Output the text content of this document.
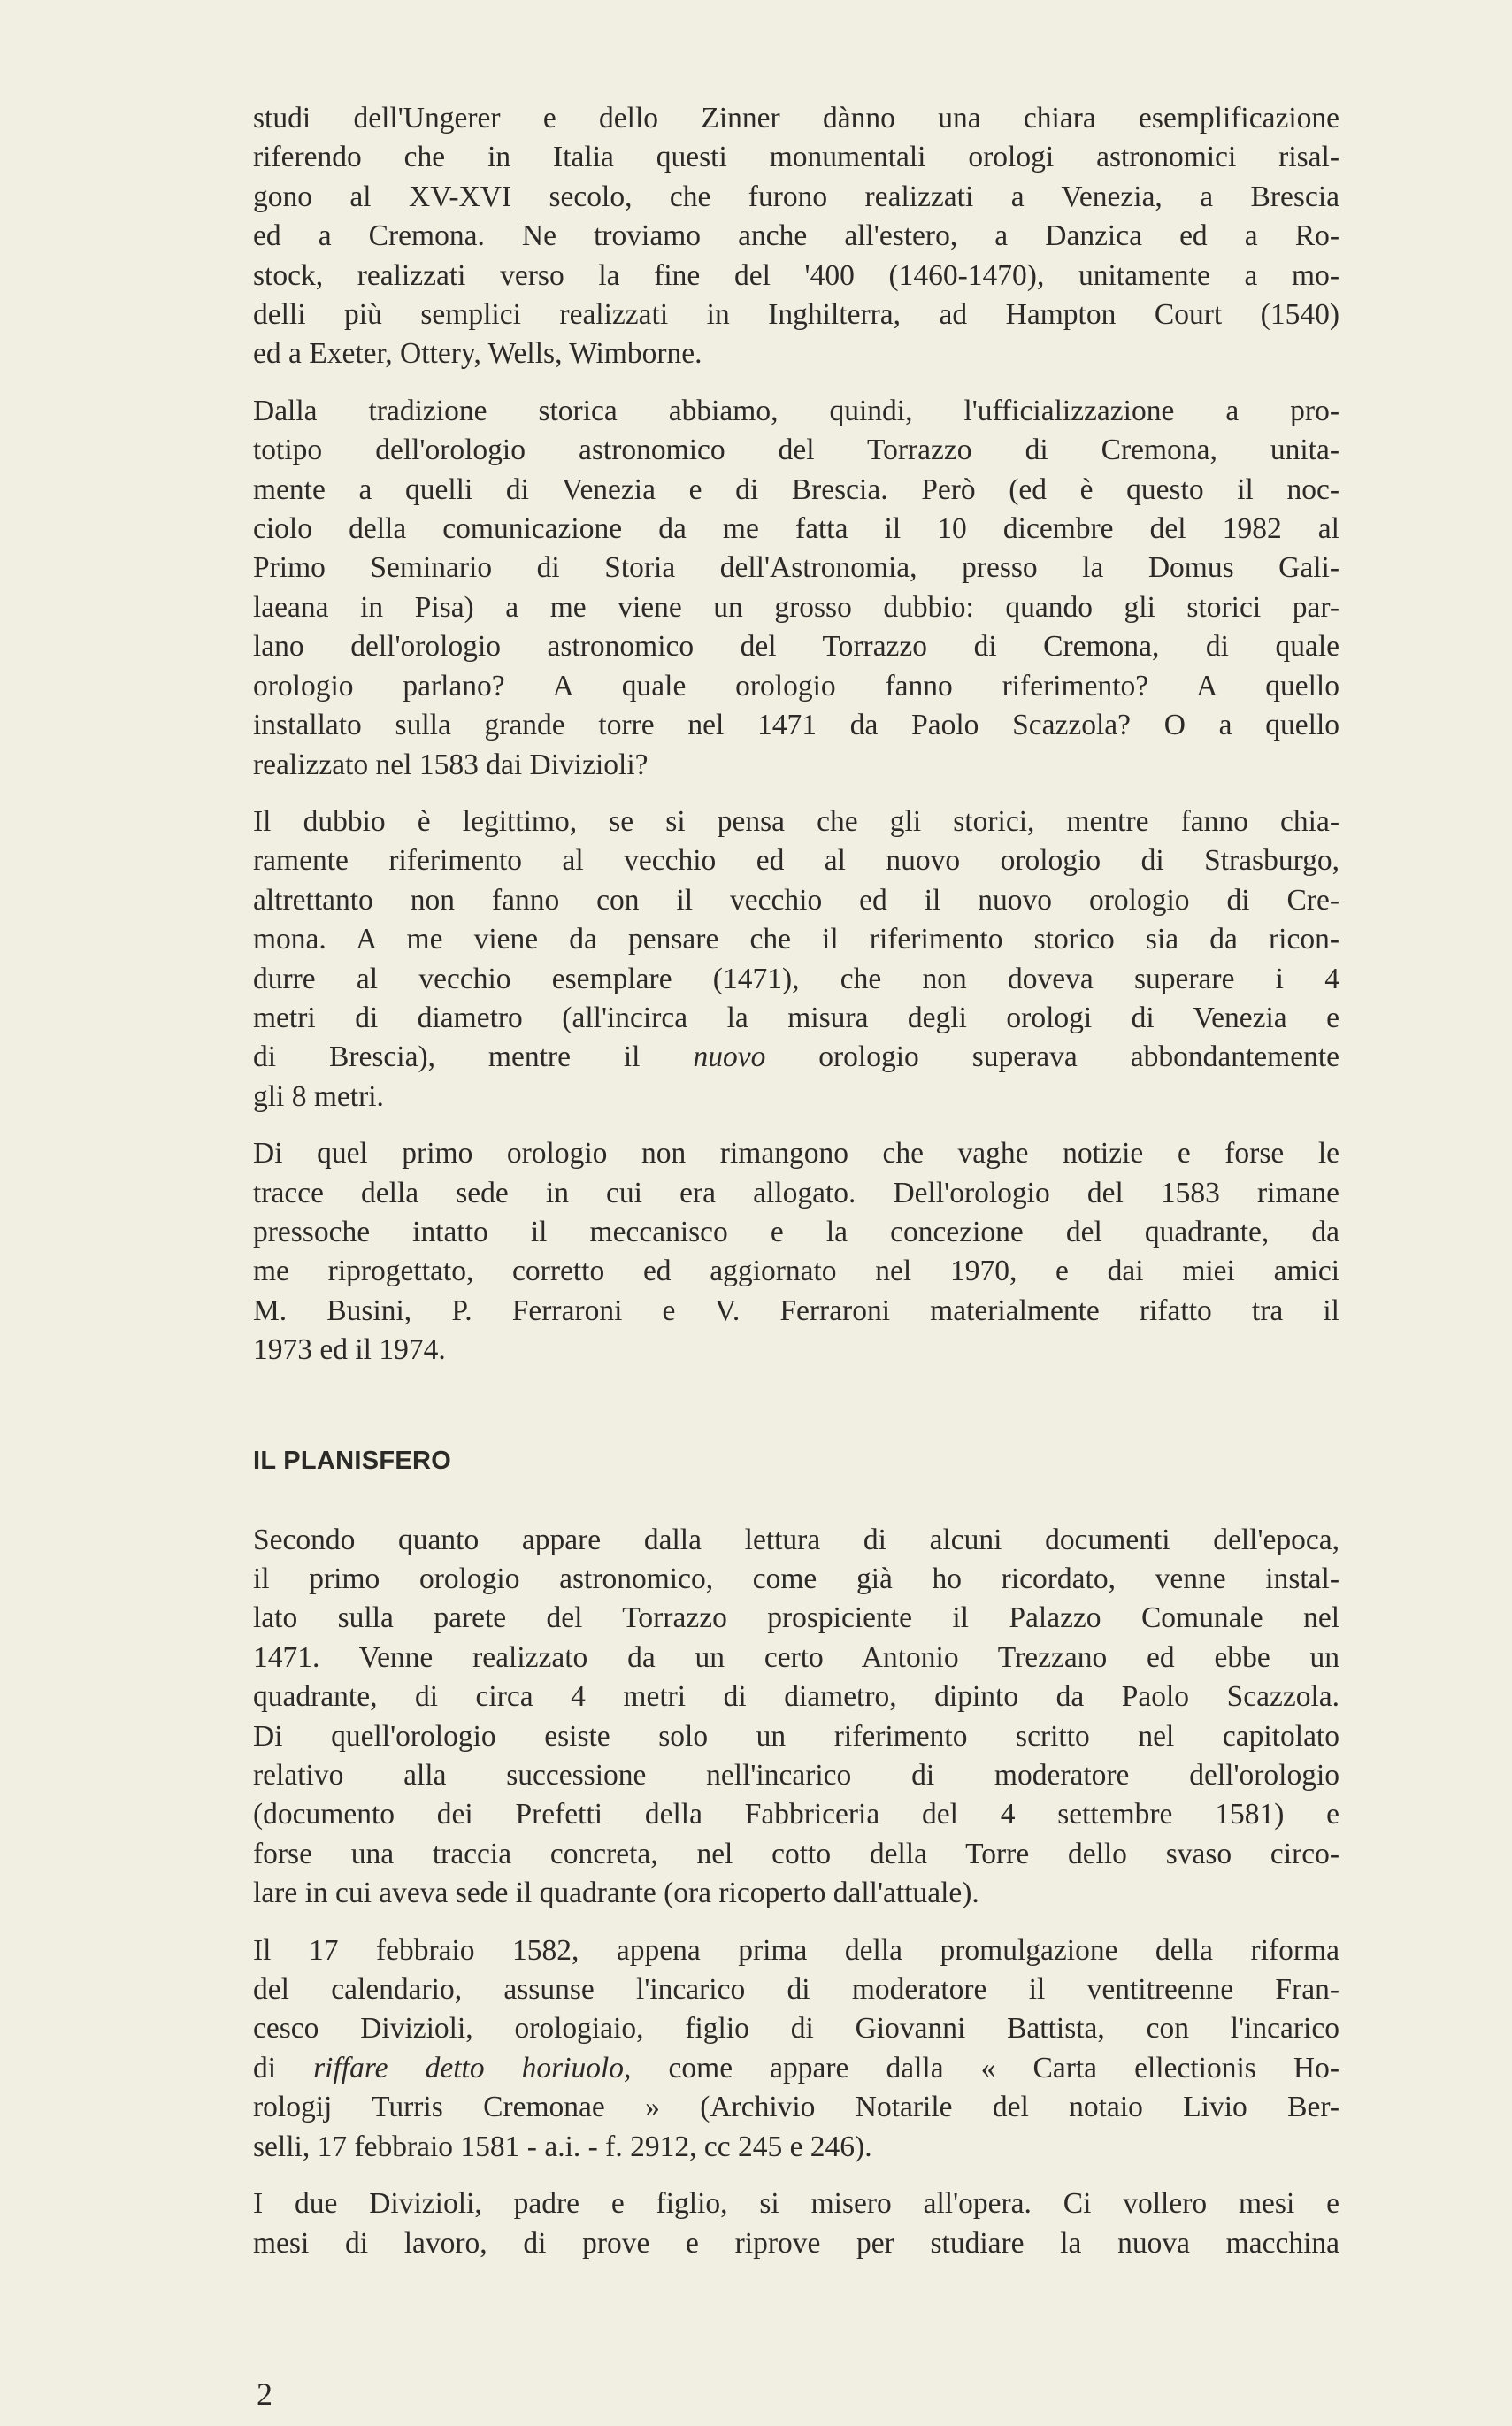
studi dell'Ungerer e dello Zinner dànno una chiara esemplificazione
riferendo che in Italia questi monumentali orologi astronomici risal-
gono al XV-XVI secolo, che furono realizzati a Venezia, a Brescia
ed a Cremona. Ne troviamo anche all'estero, a Danzica ed a Ro-
stock, realizzati verso la fine del '400 (1460-1470), unitamente a mo-
delli più semplici realizzati in Inghilterra, ad Hampton Court (1540)
ed a Exeter, Ottery, Wells, Wimborne.

Dalla tradizione storica abbiamo, quindi, l'ufficializzazione a pro-
totipo dell'orologio astronomico del Torrazzo di Cremona, unita-
mente a quelli di Venezia e di Brescia. Però (ed è questo il noc-
ciolo della comunicazione da me fatta il 10 dicembre del 1982 al
Primo Seminario di Storia dell'Astronomia, presso la Domus Gali-
laeana in Pisa) a me viene un grosso dubbio: quando gli storici par-
lano dell'orologio astronomico del Torrazzo di Cremona, di quale
orologio parlano? A quale orologio fanno riferimento? A quello
installato sulla grande torre nel 1471 da Paolo Scazzola? O a quello
realizzato nel 1583 dai Divizioli?

Il dubbio è legittimo, se si pensa che gli storici, mentre fanno chia-
ramente riferimento al vecchio ed al nuovo orologio di Strasburgo,
altrettanto non fanno con il vecchio ed il nuovo orologio di Cre-
mona. A me viene da pensare che il riferimento storico sia da ricon-
durre al vecchio esemplare (1471), che non doveva superare i 4
metri di diametro (all'incirca la misura degli orologi di Venezia e
di Brescia), mentre il nuovo orologio superava abbondantemente
gli 8 metri.

Di quel primo orologio non rimangono che vaghe notizie e forse le
tracce della sede in cui era allogato. Dell'orologio del 1583 rimane
pressoche intatto il meccanisco e la concezione del quadrante, da
me riprogettato, corretto ed aggiornato nel 1970, e dai miei amici
M. Busini, P. Ferraroni e V. Ferraroni materialmente rifatto tra il
1973 ed il 1974.

IL PLANISFERO

Secondo quanto appare dalla lettura di alcuni documenti dell'epoca,
il primo orologio astronomico, come già ho ricordato, venne instal-
lato sulla parete del Torrazzo prospiciente il Palazzo Comunale nel
1471. Venne realizzato da un certo Antonio Trezzano ed ebbe un
quadrante, di circa 4 metri di diametro, dipinto da Paolo Scazzola.
Di quell'orologio esiste solo un riferimento scritto nel capitolato
relativo alla successione nell'incarico di moderatore dell'orologio
(documento dei Prefetti della Fabbriceria del 4 settembre 1581) e
forse una traccia concreta, nel cotto della Torre dello svaso circo-
lare in cui aveva sede il quadrante (ora ricoperto dall'attuale).

Il 17 febbraio 1582, appena prima della promulgazione della riforma
del calendario, assunse l'incarico di moderatore il ventitreenne Fran-
cesco Divizioli, orologiaio, figlio di Giovanni Battista, con l'incarico
di riffare detto horiuolo, come appare dalla « Carta ellectionis Ho-
rologij Turris Cremonae » (Archivio Notarile del notaio Livio Ber-
selli, 17 febbraio 1581 - a.i. - f. 2912, cc 245 e 246).

I due Divizioli, padre e figlio, si misero all'opera. Ci vollero mesi e
mesi di lavoro, di prove e riprove per studiare la nuova macchina

2
